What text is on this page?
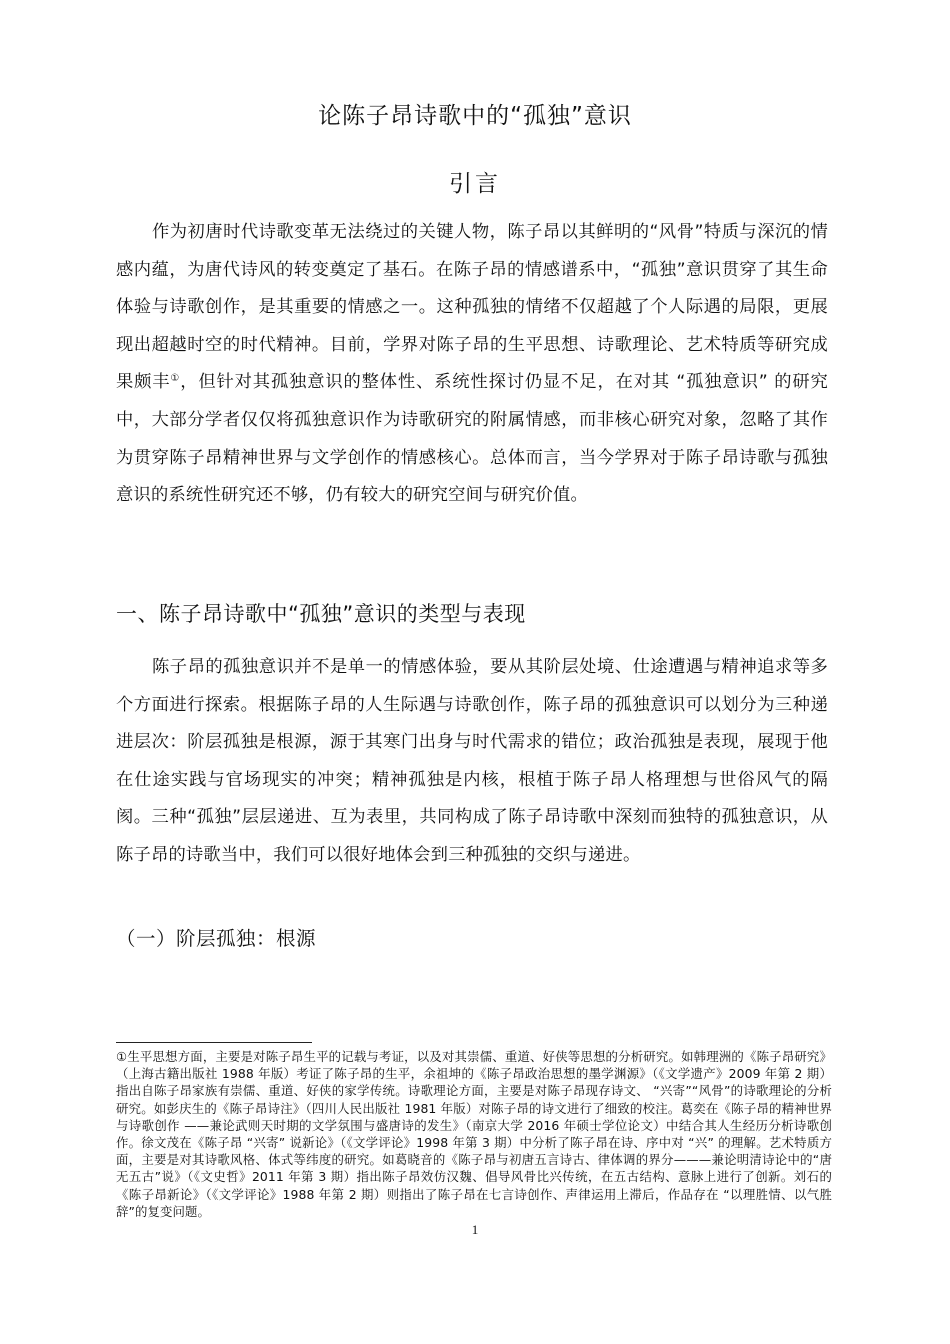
论陈子昂诗歌中的“孤独”意识
引言
作为初唐时代诗歌变革无法绕过的关键人物，陈子昂以其鲜明的“风骨”特质与深沉的情感内蕴，为唐代诗风的转变奠定了基石。在陈子昂的情感谱系中，“孤独”意识贯穿了其生命体验与诗歌创作，是其重要的情感之一。这种孤独的情绪不仅超越了个人际遇的局限，更展现出超越时空的时代精神。目前，学界对陈子昂的生平思想、诗歌理论、艺术特质等研究成果颇丰①，但针对其孤独意识的整体性、系统性探讨仍显不足，在对其 “孤独意识” 的研究中，大部分学者仅仅将孤独意识作为诗歌研究的附属情感，而非核心研究对象，忽略了其作为贯穿陈子昂精神世界与文学创作的情感核心。总体而言，当今学界对于陈子昂诗歌与孤独意识的系统性研究还不够，仍有较大的研究空间与研究价值。
一、陈子昂诗歌中“孤独”意识的类型与表现
陈子昂的孤独意识并不是单一的情感体验，要从其阶层处境、仕途遭遇与精神追求等多个方面进行探索。根据陈子昂的人生际遇与诗歌创作，陈子昂的孤独意识可以划分为三种递进层次：阶层孤独是根源，源于其寒门出身与时代需求的错位；政治孤独是表现，展现于他在仕途实践与官场现实的冲突；精神孤独是内核，根植于陈子昂人格理想与世俗风气的隔阂。三种“孤独”层层递进、互为表里，共同构成了陈子昂诗歌中深刻而独特的孤独意识，从陈子昂的诗歌当中，我们可以很好地体会到三种孤独的交织与递进。
（一）阶层孤独：根源
①生平思想方面，主要是对陈子昂生平的记载与考证，以及对其崇儒、重道、好侠等思想的分析研究。如韩理洲的《陈子昂研究》（上海古籍出版社 1988 年版）考证了陈子昂的生平，余祖坤的《陈子昂政治思想的墨学渊源》（《文学遗产》2009 年第 2 期）指出自陈子昂家族有崇儒、重道、好侠的家学传统。诗歌理论方面，主要是对陈子昂现存诗文、 “兴寄”“风骨”的诗歌理论的分析研究。如彭庆生的《陈子昂诗注》（四川人民出版社 1981 年版）对陈子昂的诗文进行了细致的校注。葛奕在《陈子昂的精神世界与诗歌创作 ——兼论武则天时期的文学氛围与盛唐诗的发生》（南京大学 2016 年硕士学位论文）中结合其人生经历分析诗歌创作。徐文茂在《陈子昂 “兴寄” 说新论》（《文学评论》1998 年第 3 期）中分析了陈子昂在诗、序中对 “兴” 的理解。艺术特质方面，主要是对其诗歌风格、体式等纬度的研究。如葛晓音的《陈子昂与初唐五言诗古、律体调的界分———兼论明清诗论中的“唐无五古”说》（《文史哲》2011 年第 3 期）指出陈子昂效仿汉魏、倡导风骨比兴传统，在五古结构、意脉上进行了创新。刘石的《陈子昂新论》（《文学评论》1988 年第 2 期）则指出了陈子昂在七言诗创作、声律运用上滞后，作品存在 “以理胜情、以气胜辞”的复变问题。
1
